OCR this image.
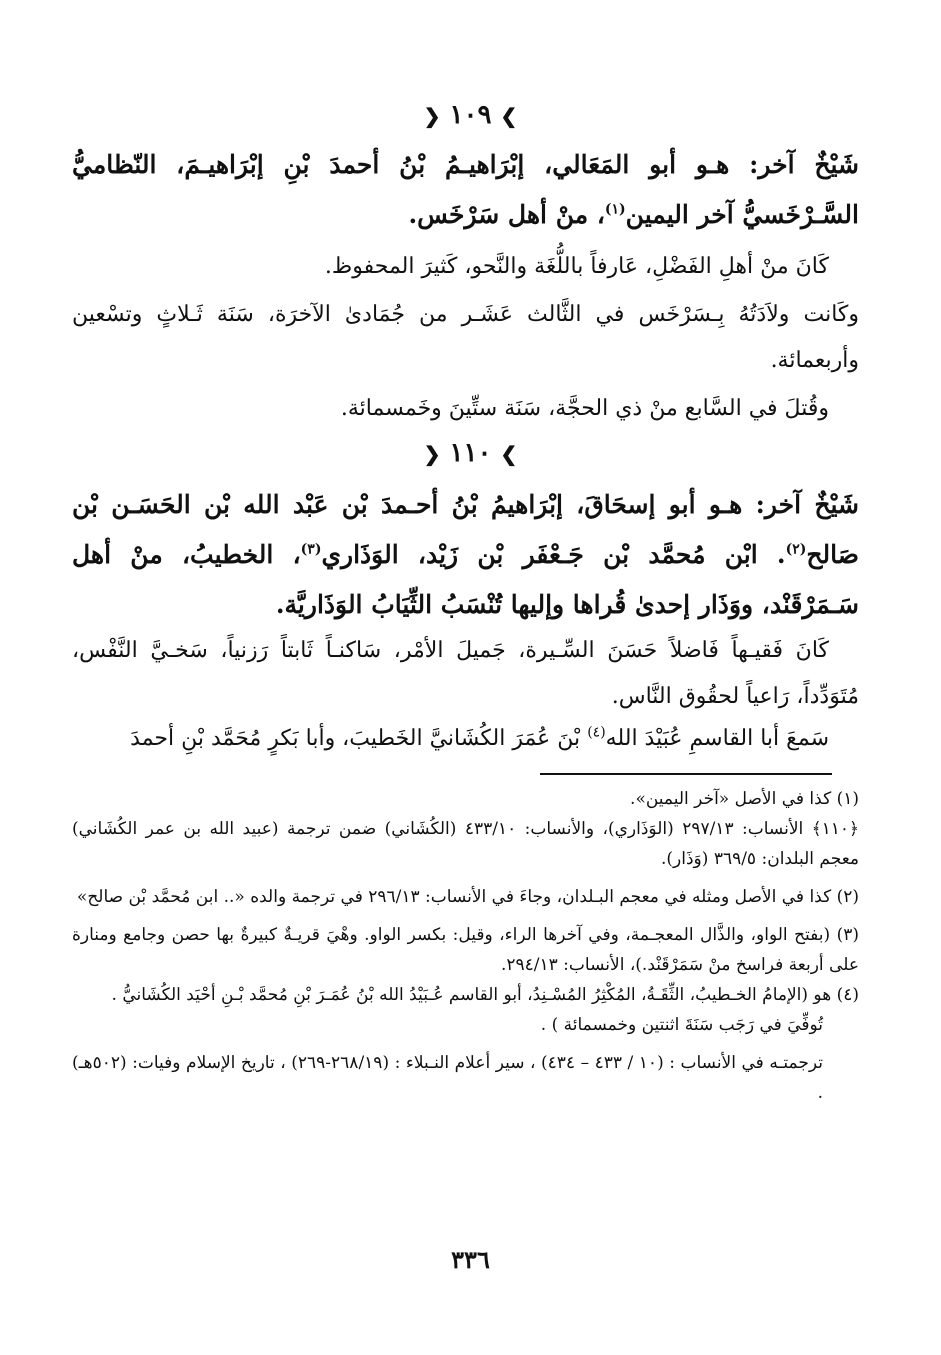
❯ ١٠٩ ❮
شَيْخٌ آخر: هـو أبو المَعَالي، إبْرَاهيـمُ بْنُ أحمدَ بْنِ إبْرَاهيـمَ، النّظاميُّ السَّـرْخَسيُّ آخر اليمين$^{(١)}$، منْ أهل سَرْخَس.

كَانَ منْ أهلِ الفَضْلِ، عَارفاً باللُّغَة والنَّحو، كَثيرَ المحفوظ.

وكَانت ولاَدَتُهُ بِـسَرْخَس في الثَّالث عَشَـر من جُمَادىٰ الآخرَة، سَنَة ثَـلاثٍ وتسْعين وأربعمائة.

وقُتلَ في السَّابع منْ ذي الحجَّة، سَنَة ستِّينَ وخَمسمائة.

❯ ١١٠ ❮
شَيْخٌ آخر: هـو أبو إسحَاقَ، إبْرَاهيمُ بْنُ أحـمدَ بْن عَبْد الله بْن الحَسَـن بْن صَالح$^{(٢)}$. ابْن مُحمَّد بْن جَـعْفَر بْن زَيْد، الوَذَاري$^{(٣)}$، الخطيبُ، منْ أهل سَـمَرْقَنْد، ووَذَار إحدىٰ قُراها وإليها تُنْسَبُ الثِّيَابُ الوَذَاريَّة.

كَانَ فَقيـهاً فَاضلاً حَسَنَ السِّـيرة، جَميلَ الأمْر، سَاكنـاً ثَابتاً رَزنياً، سَخـيَّ النَّفْس، مُتَوَدِّداً، رَاعياً لحقُوق النَّاس.

سَمعَ أبا القاسمِ عُبَيْدَ الله$^{(٤)}$ بْنَ عُمَرَ الكُشَانيَّ الخَطيبَ، وأبا بَكرٍ مُحَمَّد بْنِ أحمدَ

(١) كذا في الأصل «آخر اليمين».

﴿١١٠﴾ الأنساب: ٢٩٧/١٣ (الوَذَاري)، والأنساب: ٤٣٣/١٠ (الكُشَاني) ضمن ترجمة (عبيد الله بن عمر الكُشَاني) معجم البلدان: ٣٦٩/٥ (وَذَار).

(٢) كذا في الأصل ومثله في معجم البـلدان، وجاءَ في الأنساب: ٢٩٦/١٣ في ترجمة والده «.. ابن مُحمَّد بْن صالح»

(٣) (بفتح الواو، والذَّال المعجـمة، وفي آخرها الراء، وقيل: بكسر الواو. وهْيَ قريـةٌ كبيرةٌ بها حصن وجامع ومنارة على أربعة فراسخ منْ سَمَرْقَنْد.)، الأنساب: ٢٩٤/١٣.

(٤) هو (الإمامُ الخـطيبُ، الثِّقَـةُ، المُكْثِرُ المُسْـنِدُ، أبو القاسم عُـبَيْدُ الله بْنُ عُمَـرَ بْنِ مُحمَّد بْـنِ أحْيَد الكُشَانيُّ .

تُوفِّيَ في رَجَب سَنَةَ اثنتين وخمسمائة ) .

ترجمتـه في الأنساب : (١٠ / ٤٣٣ – ٤٣٤) ، سير أعلام النـبلاء : (٢٦٨/١٩-٢٦٩) ، تاريخ الإسلام وفيات: (٥٠٢هـ) .

٣٣٦
